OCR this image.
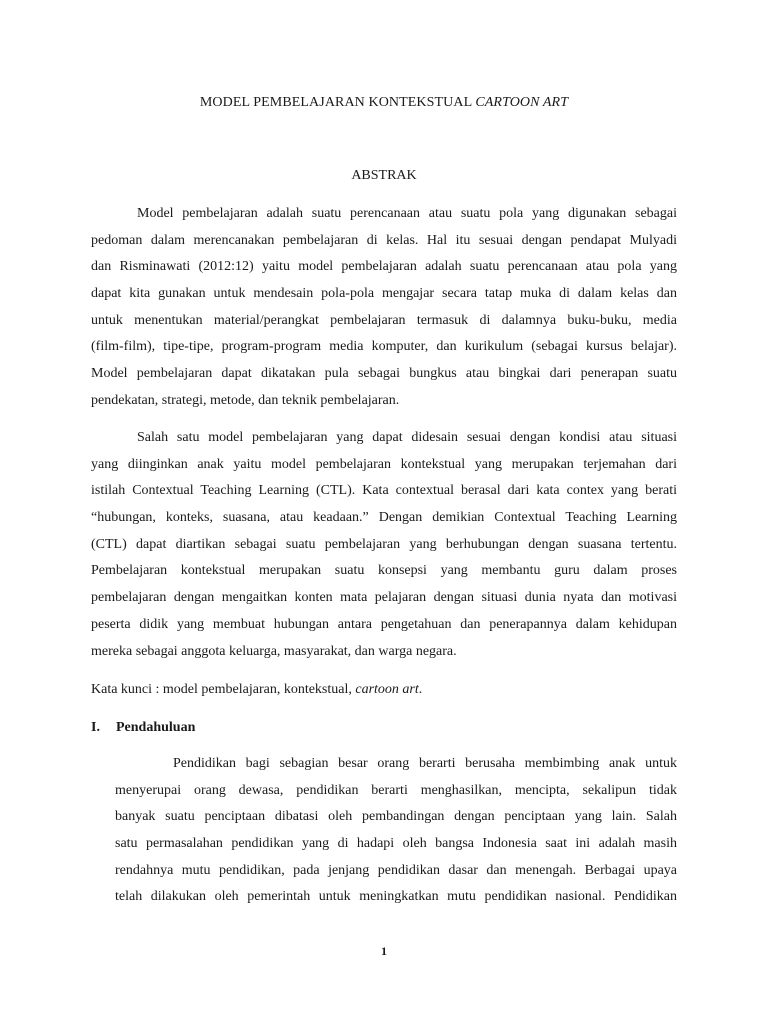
MODEL PEMBELAJARAN KONTEKSTUAL CARTOON ART
ABSTRAK

Model pembelajaran adalah suatu perencanaan atau suatu pola yang digunakan sebagai
pedoman dalam merencanakan pembelajaran di kelas. Hal itu sesuai dengan pendapat Mulyadi
dan Risminawati (2012:12) yaitu model pembelajaran adalah suatu perencanaan atau pola yang
dapat kita gunakan untuk mendesain pola-pola mengajar secara tatap muka di dalam kelas dan
untuk menentukan material/perangkat pembelajaran termasuk di dalamnya buku-buku, media
(film-film), tipe-tipe, program-program media komputer, dan kurikulum (sebagai kursus belajar).
Model pembelajaran dapat dikatakan pula sebagai bungkus atau bingkai dari penerapan suatu
pendekatan, strategi, metode, dan teknik pembelajaran.

Salah satu model pembelajaran yang dapat didesain sesuai dengan kondisi atau situasi
yang diinginkan anak yaitu model pembelajaran kontekstual yang merupakan terjemahan dari
istilah Contextual Teaching Learning (CTL). Kata contextual berasal dari kata contex yang berati
“hubungan, konteks, suasana, atau keadaan.” Dengan demikian Contextual Teaching Learning
(CTL) dapat diartikan sebagai suatu pembelajaran yang berhubungan dengan suasana tertentu.
Pembelajaran kontekstual merupakan suatu konsepsi yang membantu guru dalam proses
pembelajaran dengan mengaitkan konten mata pelajaran dengan situasi dunia nyata dan motivasi
peserta didik yang membuat hubungan antara pengetahuan dan penerapannya dalam kehidupan
mereka sebagai anggota keluarga, masyarakat, dan warga negara.

Kata kunci : model pembelajaran, kontekstual, cartoon art.
I. Pendahuluan

Pendidikan bagi sebagian besar orang berarti berusaha membimbing anak untuk
menyerupai orang dewasa, pendidikan berarti menghasilkan, mencipta, sekalipun tidak
banyak suatu penciptaan dibatasi oleh pembandingan dengan penciptaan yang lain. Salah
satu permasalahan pendidikan yang di hadapi oleh bangsa Indonesia saat ini adalah masih
rendahnya mutu pendidikan, pada jenjang pendidikan dasar dan menengah. Berbagai upaya
telah dilakukan oleh pemerintah untuk meningkatkan mutu pendidikan nasional. Pendidikan

1
